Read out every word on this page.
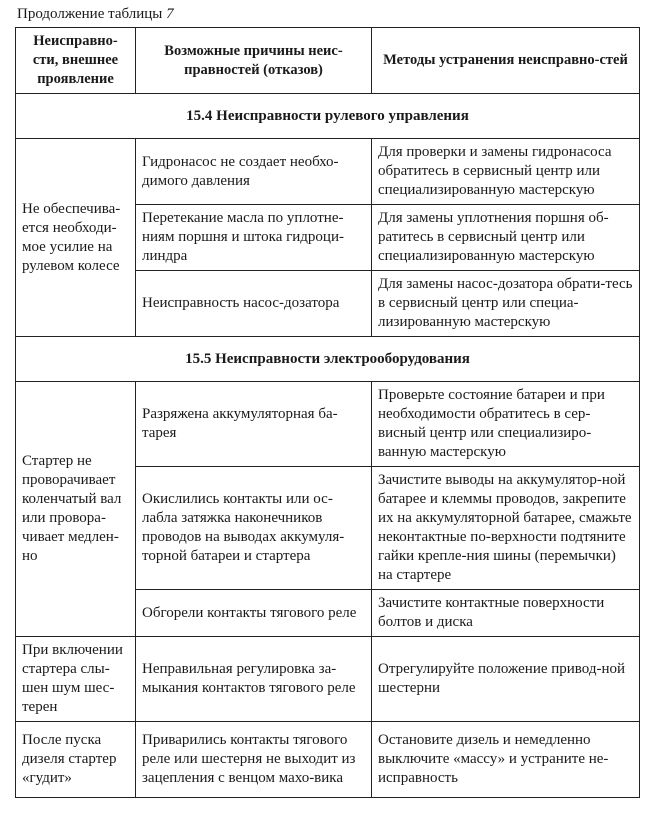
Продолжение таблицы 7
Неисправно-сти, внешнее проявление	Возможные причины неис-правностей (отказов)	Методы устранения неисправно-стей
15.4 Неисправности рулевого управления		
Не обеспечива-ется необходи-мое усилие на рулевом колесе	Гидронасос не создает необхо-димого давления	Для проверки и замены гидронасоса обратитесь в сервисный центр или специализированную мастерскую
	Перетекание масла по уплотне-ниям поршня и штока гидроци-линдра	Для замены уплотнения поршня об-ратитесь в сервисный центр или специализированную мастерскую
	Неисправность насос-дозатора	Для замены насос-дозатора обрати-тесь в сервисный центр или специа-лизированную мастерскую
15.5 Неисправности электрооборудования		
Стартер не проворачивает коленчатый вал или провора-чивает медлен-но	Разряжена аккумуляторная ба-тарея	Проверьте состояние батареи и при необходимости обратитесь в сер-висный центр или специализиро-ванную мастерскую
	Окислились контакты или ос-лабла затяжка наконечников проводов на выводах аккумуля-торной батареи и стартера	Зачистите выводы на аккумулятор-ной батарее и клеммы проводов, закрепите их на аккумуляторной батарее, смажьте неконтактные по-верхности подтяните гайки крепле-ния шины (перемычки) на стартере
	Обгорели контакты тягового реле	Зачистите контактные поверхности болтов и диска
При включении стартера слы-шен шум шес-терен	Неправильная регулировка за-мыкания контактов тягового реле	Отрегулируйте положение привод-ной шестерни
После пуска дизеля стартер «гудит»	Приварились контакты тягового реле или шестерня не выходит из зацепления с венцом махо-вика	Остановите дизель и немедленно выключите «массу» и устраните не-исправность
